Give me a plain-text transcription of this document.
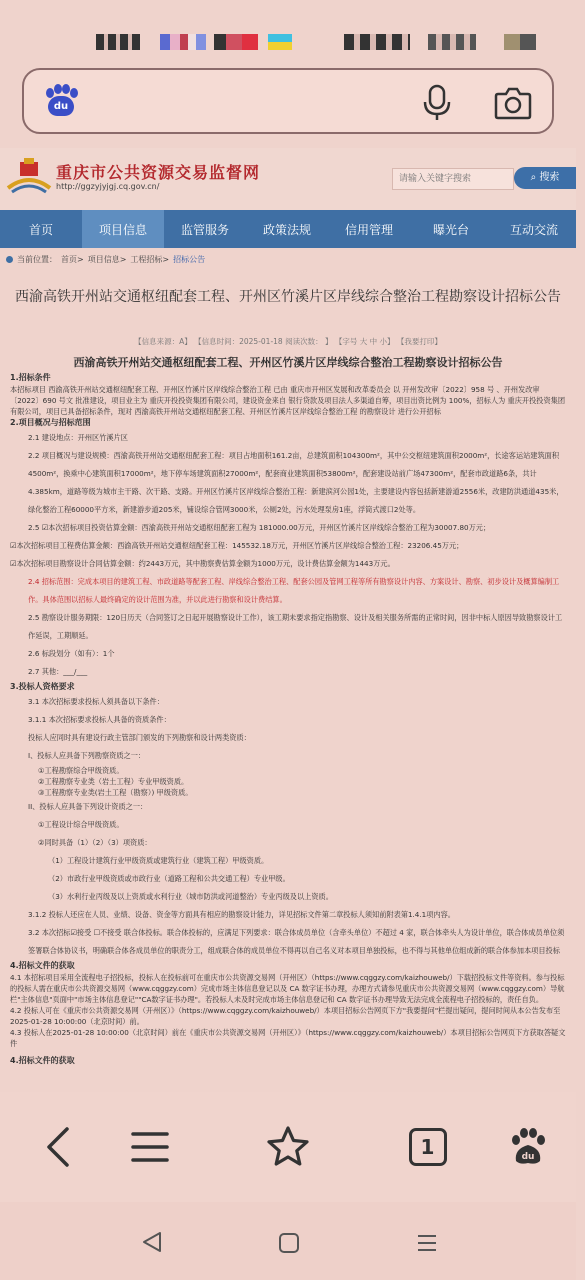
du
重庆市公共资源交易监督网
http://ggzyjyjgj.cq.gov.cn/
请输入关键字搜索
⌕ 搜索
首页	项目信息	监管服务	政策法规	信用管理	曝光台	互动交流
当前位置： 首页> 项目信息> 工程招标> 招标公告
西渝高铁开州站交通枢纽配套工程、开州区竹溪片区岸线综合整治工程勘察设计招标公告
【信息来源：A】 【信息时间：2025-01-18 阅读次数： 】 【字号 大 中 小】 【我要打印】
西渝高铁开州站交通枢纽配套工程、开州区竹溪片区岸线综合整治工程勘察设计招标公告

1.招标条件

本招标项目 西渝高铁开州站交通枢纽配套工程、开州区竹溪片区岸线综合整治工程 已由 重庆市开州区发展和改革委员会 以 开州发改审〔2022〕958 号 、开州发改审〔2022〕690 号文 批准建设，项目业主为 重庆开投投资集团有限公司，建设资金来自 银行贷款及项目法人多渠道自筹，项目出资比例为 100%，招标人为 重庆开投投资集团有限公司，项目已具备招标条件，现对 西渝高铁开州站交通枢纽配套工程、开州区竹溪片区岸线综合整治工程 的勘察设计 进行公开招标

2.项目概况与招标范围

2.1 建设地点：开州区竹溪片区

2.2 项目概况与建设规模：西渝高铁开州站交通枢纽配套工程：项目占地面积161.2亩，总建筑面积104300m²，其中公交枢纽建筑面积2000m²，长途客运站建筑面积4500m²，换乘中心建筑面积17000m²，地下停车场建筑面积27000m²，配套商业建筑面积53800m²，配套建设站前广场47300m²，配套市政道路6条，共计4.385km，道路等级为城市主干路、次干路、支路。开州区竹溪片区岸线综合整治工程：新建滨河公园1处，主要建设内容包括新建游道2556米，改建防洪通道435米，绿化整治工程60000平方米，新建游步道205米，铺设综合管网3000米，公厕2处，污水处理泵房1座，浮筒式渡口2处等。

2.5 ☑本次招标项目投资估算金额：西渝高铁开州站交通枢纽配套工程为 181000.00万元，开州区竹溪片区岸线综合整治工程为30007.80万元；

☑本次招标项目工程费估算金额：西渝高铁开州站交通枢纽配套工程：145532.18万元，开州区竹溪片区岸线综合整治工程：23206.45万元；

☑本次招标项目勘察设计合同估算金额：约2443万元，其中勘察费估算金额为1000万元，设计费估算金额为1443万元。

2.4 招标范围：完成本项目的建筑工程、市政道路等配套工程、岸线综合整治工程、配套公园及管网工程等所有勘察设计内容、方案设计、勘察、初步设计及概算编制工作。具体范围以招标人最终确定的设计范围为准，并以此进行勘察和设计费结算。

2.5 勘察设计服务期限：120日历天（合同签订之日起开展勘察设计工作），该工期未要求指定指勘察、设计及相关服务所需的正常时间，因非中标人原因导致勘察设计工作延误，工期顺延。

2.6 标段划分（如有）：1个

2.7 其他：___/___

3.投标人资格要求

3.1 本次招标要求投标人须具备以下条件：

3.1.1 本次招标要求投标人具备的资质条件：

投标人应同时具有建设行政主管部门颁发的下列勘察和设计两类资质：

I、投标人应具备下列勘察资质之一：

①工程勘察综合甲级资质。

②工程勘察专业类（岩土工程）专业甲级资质。

③工程勘察专业类(岩土工程（勘察）) 甲级资质。

II、投标人应具备下列设计资质之一：

①工程设计综合甲级资质。

②同时具备（1）（2）（3）项资质：

（1）工程设计建筑行业甲级资质或建筑行业（建筑工程）甲级资质。

（2）市政行业甲级资质或市政行业（道路工程和公共交通工程）专业甲级。

（3）水利行业丙级及以上资质或水利行业（城市防洪或河道整治）专业丙级及以上资质。

3.1.2 投标人还应在人员、业绩、设备、资金等方面具有相应的勘察设计能力，详见招标文件第二章投标人须知前附表第1.4.1项内容。

3.2 本次招标☑接受 ☐不接受 联合体投标。联合体投标的，应满足下列要求：联合体成员单位（含牵头单位）不超过 4 家，联合体牵头人为设计单位，联合体成员单位须签署联合体协议书，明确联合体各成员单位的职责分工，组成联合体的成员单位不得再以自己名义对本项目单独投标，也不得与其他单位组成新的联合体参加本项目投标

4.招标文件的获取

4.1 本招标项目采用全流程电子招投标，投标人在投标前可在重庆市公共资源交易网（开州区）（https://www.cqggzy.com/kaizhouweb/）下载招投标文件等资料。参与投标的投标人需在重庆市公共资源交易网（www.cqggzy.com）完成市场主体信息登记以及 CA 数字证书办理，办理方式请参见重庆市公共资源交易网（www.cqggzy.com）导航栏"主体信息"页面中"市场主体信息登记""CA数字证书办理"。若投标人未及时完成市场主体信息登记和 CA 数字证书办理导致无法完成全流程电子招投标的，责任自负。

4.2 投标人可在《重庆市公共资源交易网（开州区）》（https://www.cqggzy.com/kaizhouweb/）本项目招标公告网页下方"我要提问"栏提出疑问，提问时间从本公告发布至2025-01-28 10:00:00（北京时间）前。

4.3 投标人在2025-01-28 10:00:00（北京时间）前在《重庆市公共资源交易网（开州区）》（https://www.cqggzy.com/kaizhouweb/）本项目招标公告网页下方获取答疑文件

4.招标文件的获取

1	du
